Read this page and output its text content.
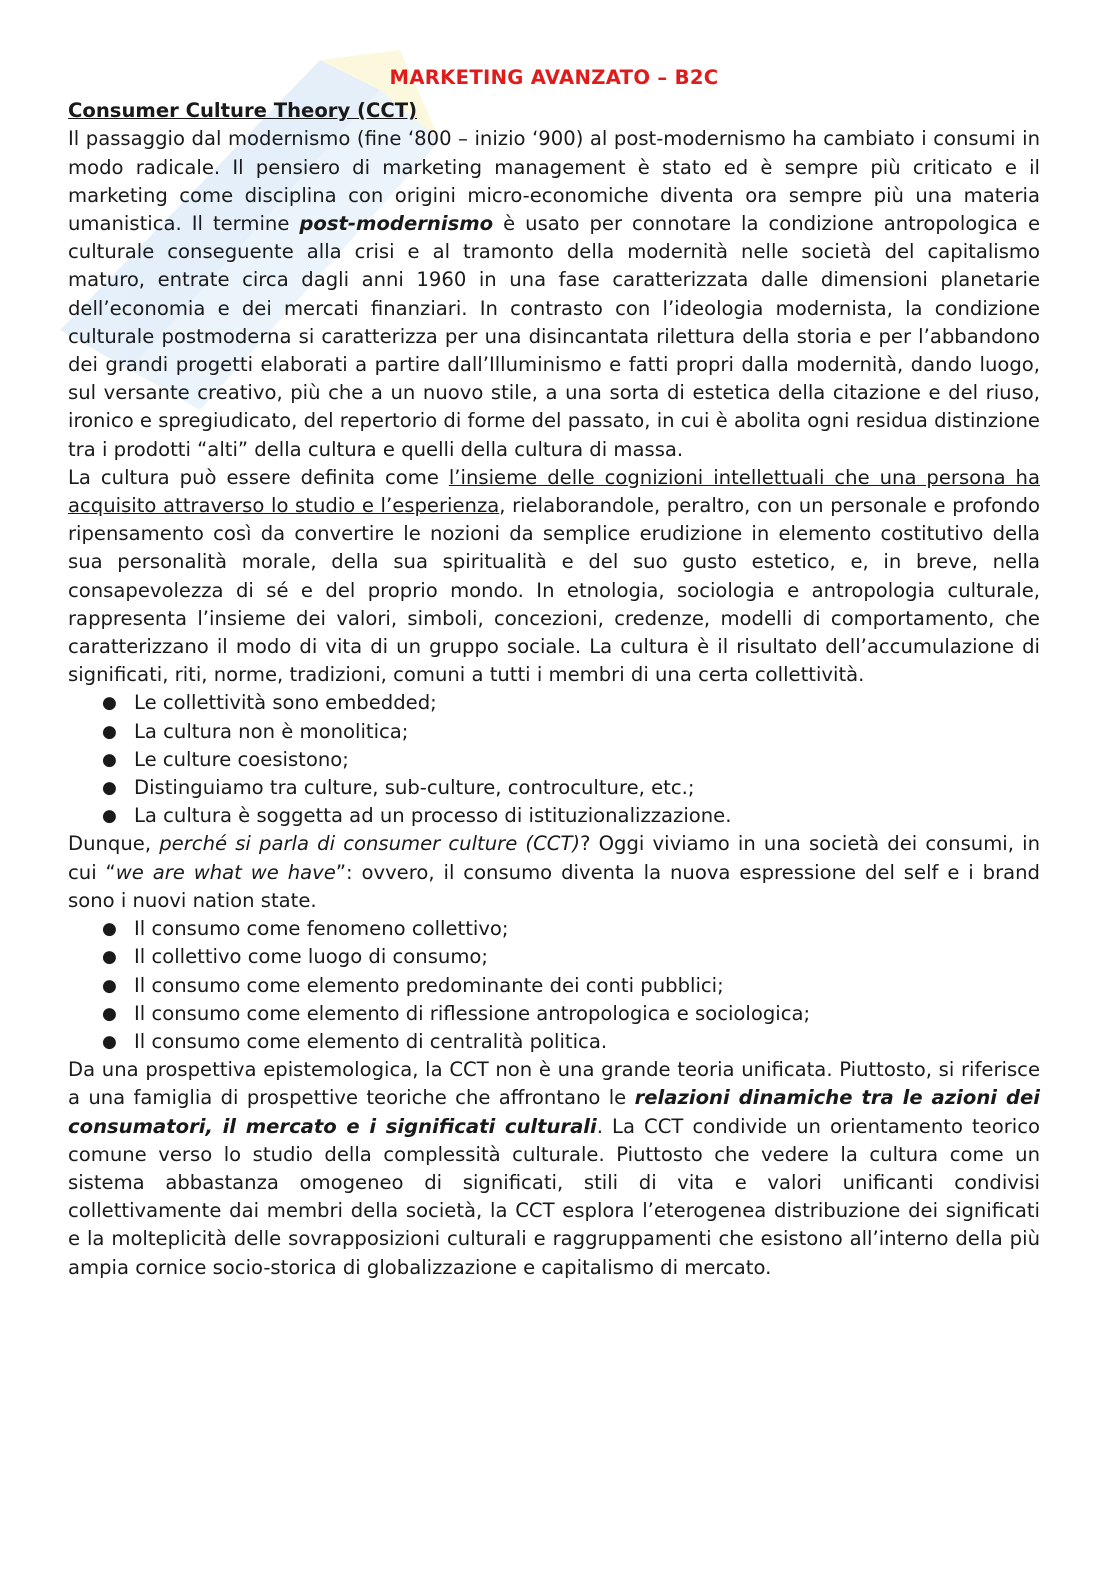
MARKETING AVANZATO – B2C
Consumer Culture Theory (CCT)

Il passaggio dal modernismo (fine ‘800 – inizio ‘900) al post-modernismo ha cambiato i consumi in modo radicale. Il pensiero di marketing management è stato ed è sempre più criticato e il marketing come disciplina con origini micro-economiche diventa ora sempre più una materia umanistica. Il termine post-modernismo è usato per connotare la condizione antropologica e culturale conseguente alla crisi e al tramonto della modernità nelle società del capitalismo maturo, entrate circa dagli anni 1960 in una fase caratterizzata dalle dimensioni planetarie dell’economia e dei mercati finanziari. In contrasto con l’ideologia modernista, la condizione culturale postmoderna si caratterizza per una disincantata rilettura della storia e per l’abbandono dei grandi progetti elaborati a partire dall’Illuminismo e fatti propri dalla modernità, dando luogo, sul versante creativo, più che a un nuovo stile, a una sorta di estetica della citazione e del riuso, ironico e spregiudicato, del repertorio di forme del passato, in cui è abolita ogni residua distinzione tra i prodotti “alti” della cultura e quelli della cultura di massa.

La cultura può essere definita come l’insieme delle cognizioni intellettuali che una persona ha acquisito attraverso lo studio e l’esperienza, rielaborandole, peraltro, con un personale e profondo ripensamento così da convertire le nozioni da semplice erudizione in elemento costitutivo della sua personalità morale, della sua spiritualità e del suo gusto estetico, e, in breve, nella consapevolezza di sé e del proprio mondo. In etnologia, sociologia e antropologia culturale, rappresenta l’insieme dei valori, simboli, concezioni, credenze, modelli di comportamento, che caratterizzano il modo di vita di un gruppo sociale. La cultura è il risultato dell’accumulazione di significati, riti, norme, tradizioni, comuni a tutti i membri di una certa collettività.

● Le collettività sono embedded;
● La cultura non è monolitica;
● Le culture coesistono;
● Distinguiamo tra culture, sub-culture, controculture, etc.;
● La cultura è soggetta ad un processo di istituzionalizzazione.

Dunque, perché si parla di consumer culture (CCT)? Oggi viviamo in una società dei consumi, in cui “we are what we have”: ovvero, il consumo diventa la nuova espressione del self e i brand sono i nuovi nation state.

● Il consumo come fenomeno collettivo;
● Il collettivo come luogo di consumo;
● Il consumo come elemento predominante dei conti pubblici;
● Il consumo come elemento di riflessione antropologica e sociologica;
● Il consumo come elemento di centralità politica.

Da una prospettiva epistemologica, la CCT non è una grande teoria unificata. Piuttosto, si riferisce a una famiglia di prospettive teoriche che affrontano le relazioni dinamiche tra le azioni dei consumatori, il mercato e i significati culturali. La CCT condivide un orientamento teorico comune verso lo studio della complessità culturale. Piuttosto che vedere la cultura come un sistema abbastanza omogeneo di significati, stili di vita e valori unificanti condivisi collettivamente dai membri della società, la CCT esplora l’eterogenea distribuzione dei significati e la molteplicità delle sovrapposizioni culturali e raggruppamenti che esistono all’interno della più ampia cornice socio-storica di globalizzazione e capitalismo di mercato.
